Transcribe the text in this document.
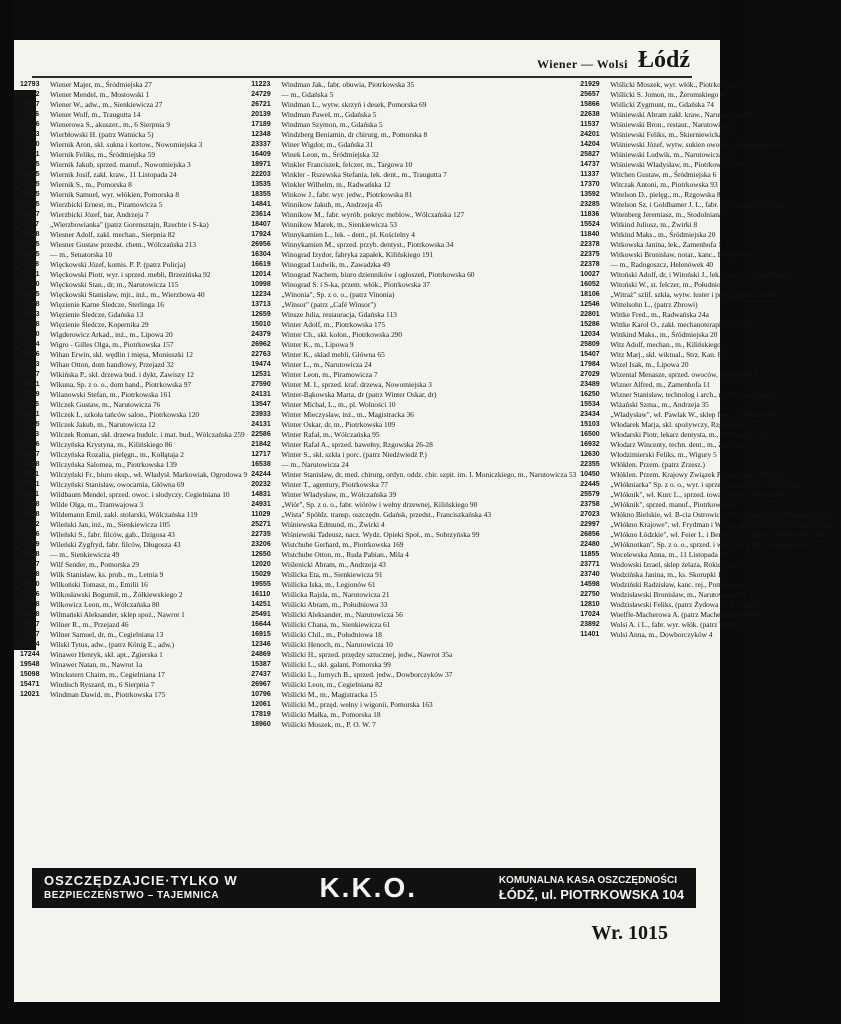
Wiener — Wolsi Łódź
12793	Wiener Majer, m., Śródmiejska 27
10532	Wiener Mendel, m., Mostowski 1
24927	Wiener W., adw., m., Sienkiewicza 27
11376	Wiener Wolf, m., Traugutta 14
27626	Wienerowa S., akuszer., m., 6 Sierpnia 9
17233	Wierbłowski H. (patrz Watnicka 5)
20160	Wiernik Aron, skł. sukna i kortow., Nowomiejska 3
17321	Wiernik Feliks, m., Śródmiejska 59
20745	Wiernik Jakub, sprzed. manuf., Nowomiejska 3
26555	Wiernik Josif, zakł. kraw., 11 Listopada 24
16365	Wiernik S., m., Pomorska 8
26365	Wiernik Samuel, wyr. włókien, Pomorska 8
25235	Wierzbicki Ernest, m., Piramowicza 5
24557	Wierzbicki Józef, bar, Andrzeja 7
21147	„Wierzbowianka" (patrz Gorensztajn, Rzechte i S-ka)
24458	Wiesner Adolf, zakł. mechan., Sierpnia 82
27295	Wiesner Gustaw przedst. chem., Wólczańska 213
19105	— m., Senatorska 10
11628	Więckowski Józef, komis. P. P. (patrz Policja)
25771	Więckowski Piotr, wyr. i sprzed. mebli, Brzezińska 92
12620	Więckowski Stan., dr, m., Narutowicza 115
26535	Więckowski Stanisław, mjr., inż., m., Wierzbowa 40
10138	Więzienie Karne Śledcze, Sterlinga 16
10073	Więzienie Śledcze, Gdańska 13
10198	Więzienie Śledcze, Kopernika 29
15320	Wigderowicz Arkad., inż., m., Lipowa 20
22534	Wigro - Gilles Olga, m., Piotrkowska 157
24596	Wihan Erwin, skł. wędlin i mięsa, Moniuszki 12
18553	Wihan Otton, dom handlowy, Przejazd 32
15497	Wikińska P., skł. drzewa bud. i dykt, Zawiszy 12
14921	Wikuna, Sp. z o. o., dom hand., Piotrkowska 97
13749	Wilanowski Stefan, m., Piotrkowska 161
11445	Wilczek Gustaw, m., Narutowicza 76
22271	Wilczek I., szkoła tańców salon., Piotrkowska 120
17725	Wilczek Jakub, m., Narutowicza 12
11573	Wilczek Roman, skł. drzewa budulc. i mat. bud., Wólczańska 259
10456	Wilczyńska Krystyna, m., Kilińskiego 86
12947	Wilczyńska Rozalia, pielęgn., m., Kołłątaja 2
24458	Wilczyńska Salomea, m., Piotrkowska 139
25911	Wilczyński Fr., biuro eksp., wł. Władysł. Markowiak, Ogrodowa 9
17721	Wilczyński Stanisław, owocarnia, Główna 69
11461	Wildbaum Mendel, sprzed. owoc. i słodyczy, Cegielniana 10
17888	Wilde Olga, m., Tramwajowa 3
16458	Wildemann Emil, zakł. stolarski, Wólczańska 119
26192	Wileński Jan, inż., m., Sienkiewicza 105
27556	Wileński S., fabr. filców, gab., Dzigosa 43
20499	Wileński Zygfryd, fabr. filców, Długosza 43
24458	— m., Sienkiewicza 49
21887	Wilf Sender, m., Pomorska 29
17278	Wilk Stanisław, ks. prob., m., Letnia 9
16980	Wilkoński Tomasz, m., Emilii 16
25356	Wilkosławski Bogumił, m., Żółkiewskiego 2
26478	Wilkowicz Leon, m., Wólczańska 80
24178	Wilmański Aleksander, sklep spoż., Nawrot 1
18897	Wilner R., m., Przejazd 46
18397	Wilner Samuel, dr, m., Cegielniana 13
13144	Wilski Tytus, adw., (patrz König E., adw.)
17244	Winawer Henryk, skł. apt., Zgierska 1
19548	Winawer Natan, m., Nawrot 1a
15098	Winckstern Chaim, m., Cegielniana 17
15471	Windisch Ryszard, m., 6 Sierpnia 7
12021	Windman Dawid, m., Piotrkowska 175
11223	Windman Jak., fabr. obuwia, Piotrkowska 35
24729	— m., Gdańska 5
26721	Windman L., wytw. skrzyń i desek, Pomorska 69
20139	Windman Paweł, m., Gdańska 5
17189	Windman Szymon, m., Gdańska 5
12348	Windzberg Beniamin, dr chirurg, m., Pomorska 8
23337	Winer Wigdor, m., Gdańska 31
16409	Winek Leon, m., Śródmiejska 32
18971	Winkler Franciszek, felczer, m., Targowa 10
22203	Winkler - Rszewska Stefania, lek. dent., m., Traugutta 7
13535	Winkler Wilhelm, m., Radwańska 12
18355	Winkow J., fabr. wyr. jedw., Piotrkowska 81
14841	Winnikow Jakub, m., Andrzeja 45
23614	Winnikow M., fabr. wyrób. pokryc meblow., Wólczańska 127
18407	Winnikow Marek, m., Sienkiewicza 53
17924	Winnykamien L., lek. - dent., pl. Kościelny 4
26956	Winnykamien M., sprzed. przyb. dentyst., Piotrkowska 34
16304	Winograd Izydor, fabryka zapałek, Kilińskiego 191
16619	Winograd Ludwik, m., Zawadzka 49
12014	Winograd Nachem, biuro dzienników i ogłoszeń, Piotrkowska 60
10998	Winograd S. i S-ka, przem. włók., Piotrkowska 37
12234	„Winonia", Sp. z o. o., (patrz Vinonia)
13713	„Winsor" (patrz „Café Winsor")
12659	Winsze Julia, restauracja, Gdańska 113
15010	Winter Adolf, m., Piotrkowska 175
24379	Winter Ch., skł. kolon., Piotrkowska 290
26962	Winter K., m., Lipowa 9
22763	Winter K., skład mebli, Główna 65
19474	Winter L., m., Narutowicza 24
12531	Winter Leon, m., Piramowicza 7
27590	Winter M. I., sprzed. kraf. drzewa, Nowomiejska 3
24131	Winter-Bąkowska Marta, dr (patrz Winter Oskar, dr)
13547	Winter Michał, L., m., pl. Wolności 10
23933	Winter Mieczysław, inż., m., Magistracka 36
24131	Winter Oskar, dr, m., Piotrkowska 109
22586	Winter Rafał, m., Wólczańska 95
21842	Winter Rafał A., sprzed. bawełny, Rzgowska 26-28
12717	Winter S., skł. szkła i porc. (patrz Niedźwiedź P.)
16538	— m., Narutowicza 24
24244	Winter Stanisław, dr, med. chirurg, ordyn. oddz. chir. szpit. im. I. Moniczkiego, m., Narutowicza 53
20232	Winter T., agentury, Piotrkowska 77
14831	Winter Władysław, m., Wólczańska 39
24931	„Wiór", Sp. z o. o., fabr. wiórów i wełny drzewnej, Kilińskiego 90
11029	„Wista" Spółdz. transp. oszczędn. Gdańsk, przedst., Franciszkańska 43
25271	Wiśniewska Edmund, m., Żwirki 4
22735	Wiśniewski Tadeusz, nacz. Wydz. Opieki Społ., m., Sobrzyńska 99
23206	Wistchube Gerhard, m., Piotrkowska 169
12650	Wistchube Otton, m., Ruda Pabian., Mila 4
12020	Wiślenicki Abram, m., Andrzeja 43
15029	Wiślicka Eta, m., Sienkiewicza 91
19555	Wiślicka Iska, m., Legionów 61
16110	Wiślicka Rajsla, m., Narutowicza 21
14251	Wiślicki Abram, m., Południowa 33
25491	Wiślicki Aleksander, m., Narutowicza 56
16644	Wiślicki Chana, m., Sienkiewicza 61
16915	Wiślicki Chil., m., Południowa 18
12346	Wiślicki Henoch, m., Narutowicza 10
24869	Wiślicki H., sprzed. przędzy sztucznej, jedw., Nawrot 35a
15387	Wiślicki L., skł. galant, Pomorska 99
27437	Wiślicki L., Jurnych B., sprzed. jedw., Dowborczyków 37
26967	Wiślicki Leon, m., Cegielniana 82
10796	Wiślicki M., m., Magistracka 15
12061	Wiślicki M., przęd. wełny i wigonii, Pomorska 163
17819	Wiślicki Małka, m., Pomorska 18
18960	Wiślicki Moszek, m., P. O. W. 7
21929	Wiślicki Moszek, wyr. włók., Piotrkowska 58
25657	Wiślicki S. Jomon, m., Żeromskiego 4
15866	Wiślicki Zygmunt, m., Gdańska 74
22638	Wiśniewski Abram zakł. kraw., Narutowicza 18
11537	Wiśniewski Bron., restaur., Narutowicza 1
24201	Wiśniewski Feliks, m., Skierniewicka 23
14204	Wiśniewski Józef, wytw. sukien owocow., Kilińskiego 132
25827	Wiśniewski Ludwik, m., Narutowicza 47
14737	Wiśniewski Władysław, m., Piotrkowska 249
11337	Witchen Gustaw, m., Śródmiejska 6
17370	Witczak Antoni, m., Piotrkowska 93
13592	Witelson D., pielęg., m., Rzgowska 8
23285	Witelson Sz. i Goldhamer J. L., fabr. wyr. dzian., Północna 24
11836	Witenberg Jeremiasz, m., Stodolniana 1
15524	Witkind Juliusz, m., Żwirki 8
11840	Witkind Maks., m., Śródmiejska 20
22378	Witkowska Janina, lek., Zamenhofa 1
22375	Witkowski Bronisław, notar., kanc., Piotrkowska 27
22378	— m., Radogoszcz, Helenówek 40
10027	Witoński Adolf, dr, i Witoński J., lek. dent., m., Cegielniana 20
16052	Witoński W., st. felczer, m., Południowa 13
18106	„Witraż" szlif. szkła, wytw. luster i prac. galant., Żwirki 7
12546	Wittelsohn L., (patrz Zbrowi)
22801	Wittke Fred., m., Radwańska 24a
15286	Wittke Karol O., zakł. mechanoterapii, Kościelna 1
12034	Wittkind Maks., m., Śródmiejska 20
25809	Witz Adolf, mechan., m., Kilińskiego 2
15407	Witz Marj., skł. wiktual., Strz. Kan. 85
17984	Wizel Isak, m., Lipowa 20
27029	Wizental Menasze, sprzed. owoców, Brzezińska 2
23489	Wizner Alfred, m., Zamenhofa 11
16250	Wizner Stanisław, technolog i arch., m., Obywatelska 30
15534	Wiżański Szma., m., Andrzeja 35
23434	„Władysław", wł. Pawlak W., sklep fryz., al. Kościuszki 11
15103	Włodarek Marja, skl. spożywczy, Rzgowska 7
16500	Włodarski Piotr, lekarz dentysta, m., Piotrkowska 113
16932	Włodarz Wincenty, techn. dent., m., Zgierska 77
12630	Włodzimierski Feliks, m., Wigury 5
22355	Włóklen. Przem. (patrz Zrzesz.)
10450	Włóklen. Przem. Krajowy Związek Przem. (patrz Związek)
22445	„Włókniarka" Sp. z o. o., wyr. i sprzed. tkanin tekst., Kilińskiego 1
25579	„Włóknik", wł. Kurc L., sprzed. towar. włók., Piotrkowska 92
23758	„Włóknik", sprzed. manuf., Piotrkowska 92
27023	Włókno Bielskie, wł. B-cia Ostrowicz, skł. sukna i kortów, Nowomiejska 6
22997	„Włókno Krajowe", wł. Frydman i Winograd, sprzed. manuf., Piotrkowska 16
26856	„Włókno Łódzkie", wł. Feier L. i Berlin J., b. zakupów, Piotrkowska 58
22480	„Włóknotkan", Sp. z o. o., sprzed. i wyr. tow. włók., Piotrkowska 211
11855	Wocelewska Anna, m., 11 Listopada 51
23771	Wodowski Izrael, sklep żelaza, Rokicińska 151
23740	Wodzińska Janina, m., ks. Skorupki 13
14598	Wodziński Radzisław, kanc. rej., Pomorska 53
22750	Wodzisławski Bronisław, m., Narutowicza 59
12810	Wodzisławski Feliks, (patrz Żydowa Fr. Wengielow)
17024	Woelfle-Macherowa A. (patrz Macherowa-Woelfle)
23892	Wolsi A. i L., fabr. wyr. włók. (patrz Wolsi A. i L.)
11401	Wolsi Anna, m., Dowborczyków 4
OSZCZĘDZAJCIE·TYLKO W
BEZPIECZEŃSTWO – TAJEMNICA	K.K.O.	KOMUNALNA KASA OSZCZĘDNOŚCI
ŁÓDŹ, ul. PIOTRKOWSKA 104
Wr. 1015
